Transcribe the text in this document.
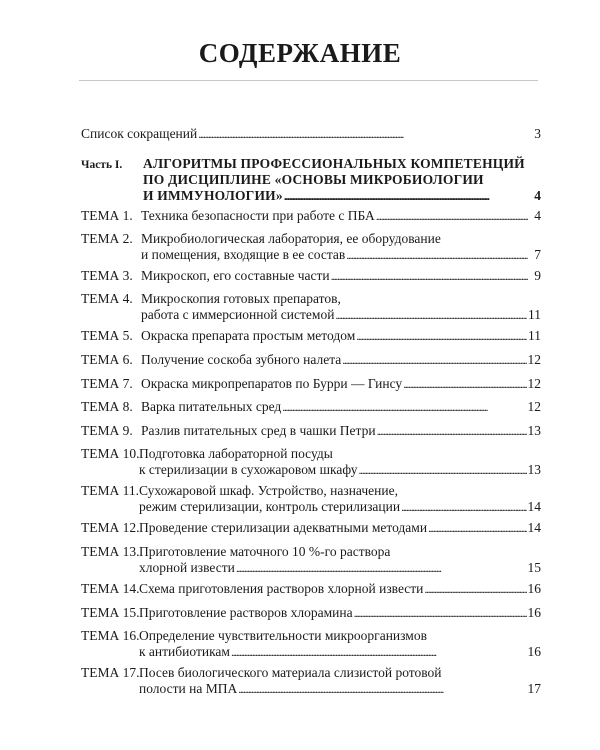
СОДЕРЖАНИЕ
Список сокращений . . .	3
Часть I.	АЛГОРИТМЫ ПРОФЕССИОНАЛЬНЫХ КОМПЕТЕНЦИЙ
ПО ДИСЦИПЛИНЕ «ОСНОВЫ МИКРОБИОЛОГИИ
И ИММУНОЛОГИИ» . . .	4
ТЕМА 1. Техника безопасности при работе с ПБА . . .	4
ТЕМА 2. Микробиологическая лаборатория, ее оборудование
и помещения, входящие в ее состав . . .	7
ТЕМА 3. Микроскоп, его составные части . . .	9
ТЕМА 4. Микроскопия готовых препаратов,
работа с иммерсионной системой . . .	11
ТЕМА 5. Окраска препарата простым методом . . .	11
ТЕМА 6. Получение соскоба зубного налета . . .	12
ТЕМА 7. Окраска микропрепаратов по Бурри — Гинсу . . .	12
ТЕМА 8. Варка питательных сред . . .	12
ТЕМА 9. Разлив питательных сред в чашки Петри . . .	13
ТЕМА 10. Подготовка лабораторной посуды
к стерилизации в сухожаровом шкафу . . .	13
ТЕМА 11. Сухожаровой шкаф. Устройство, назначение,
режим стерилизации, контроль стерилизации . . .	14
ТЕМА 12. Проведение стерилизации адекватными методами . . .	14
ТЕМА 13. Приготовление маточного 10 %-го раствора
хлорной извести . . .	15
ТЕМА 14. Схема приготовления растворов хлорной извести . . .	16
ТЕМА 15. Приготовление растворов хлорамина . . .	16
ТЕМА 16. Определение чувствительности микроорганизмов
к антибиотикам . . .	16
ТЕМА 17. Посев биологического материала слизистой ротовой
полости на МПА . . .	17
